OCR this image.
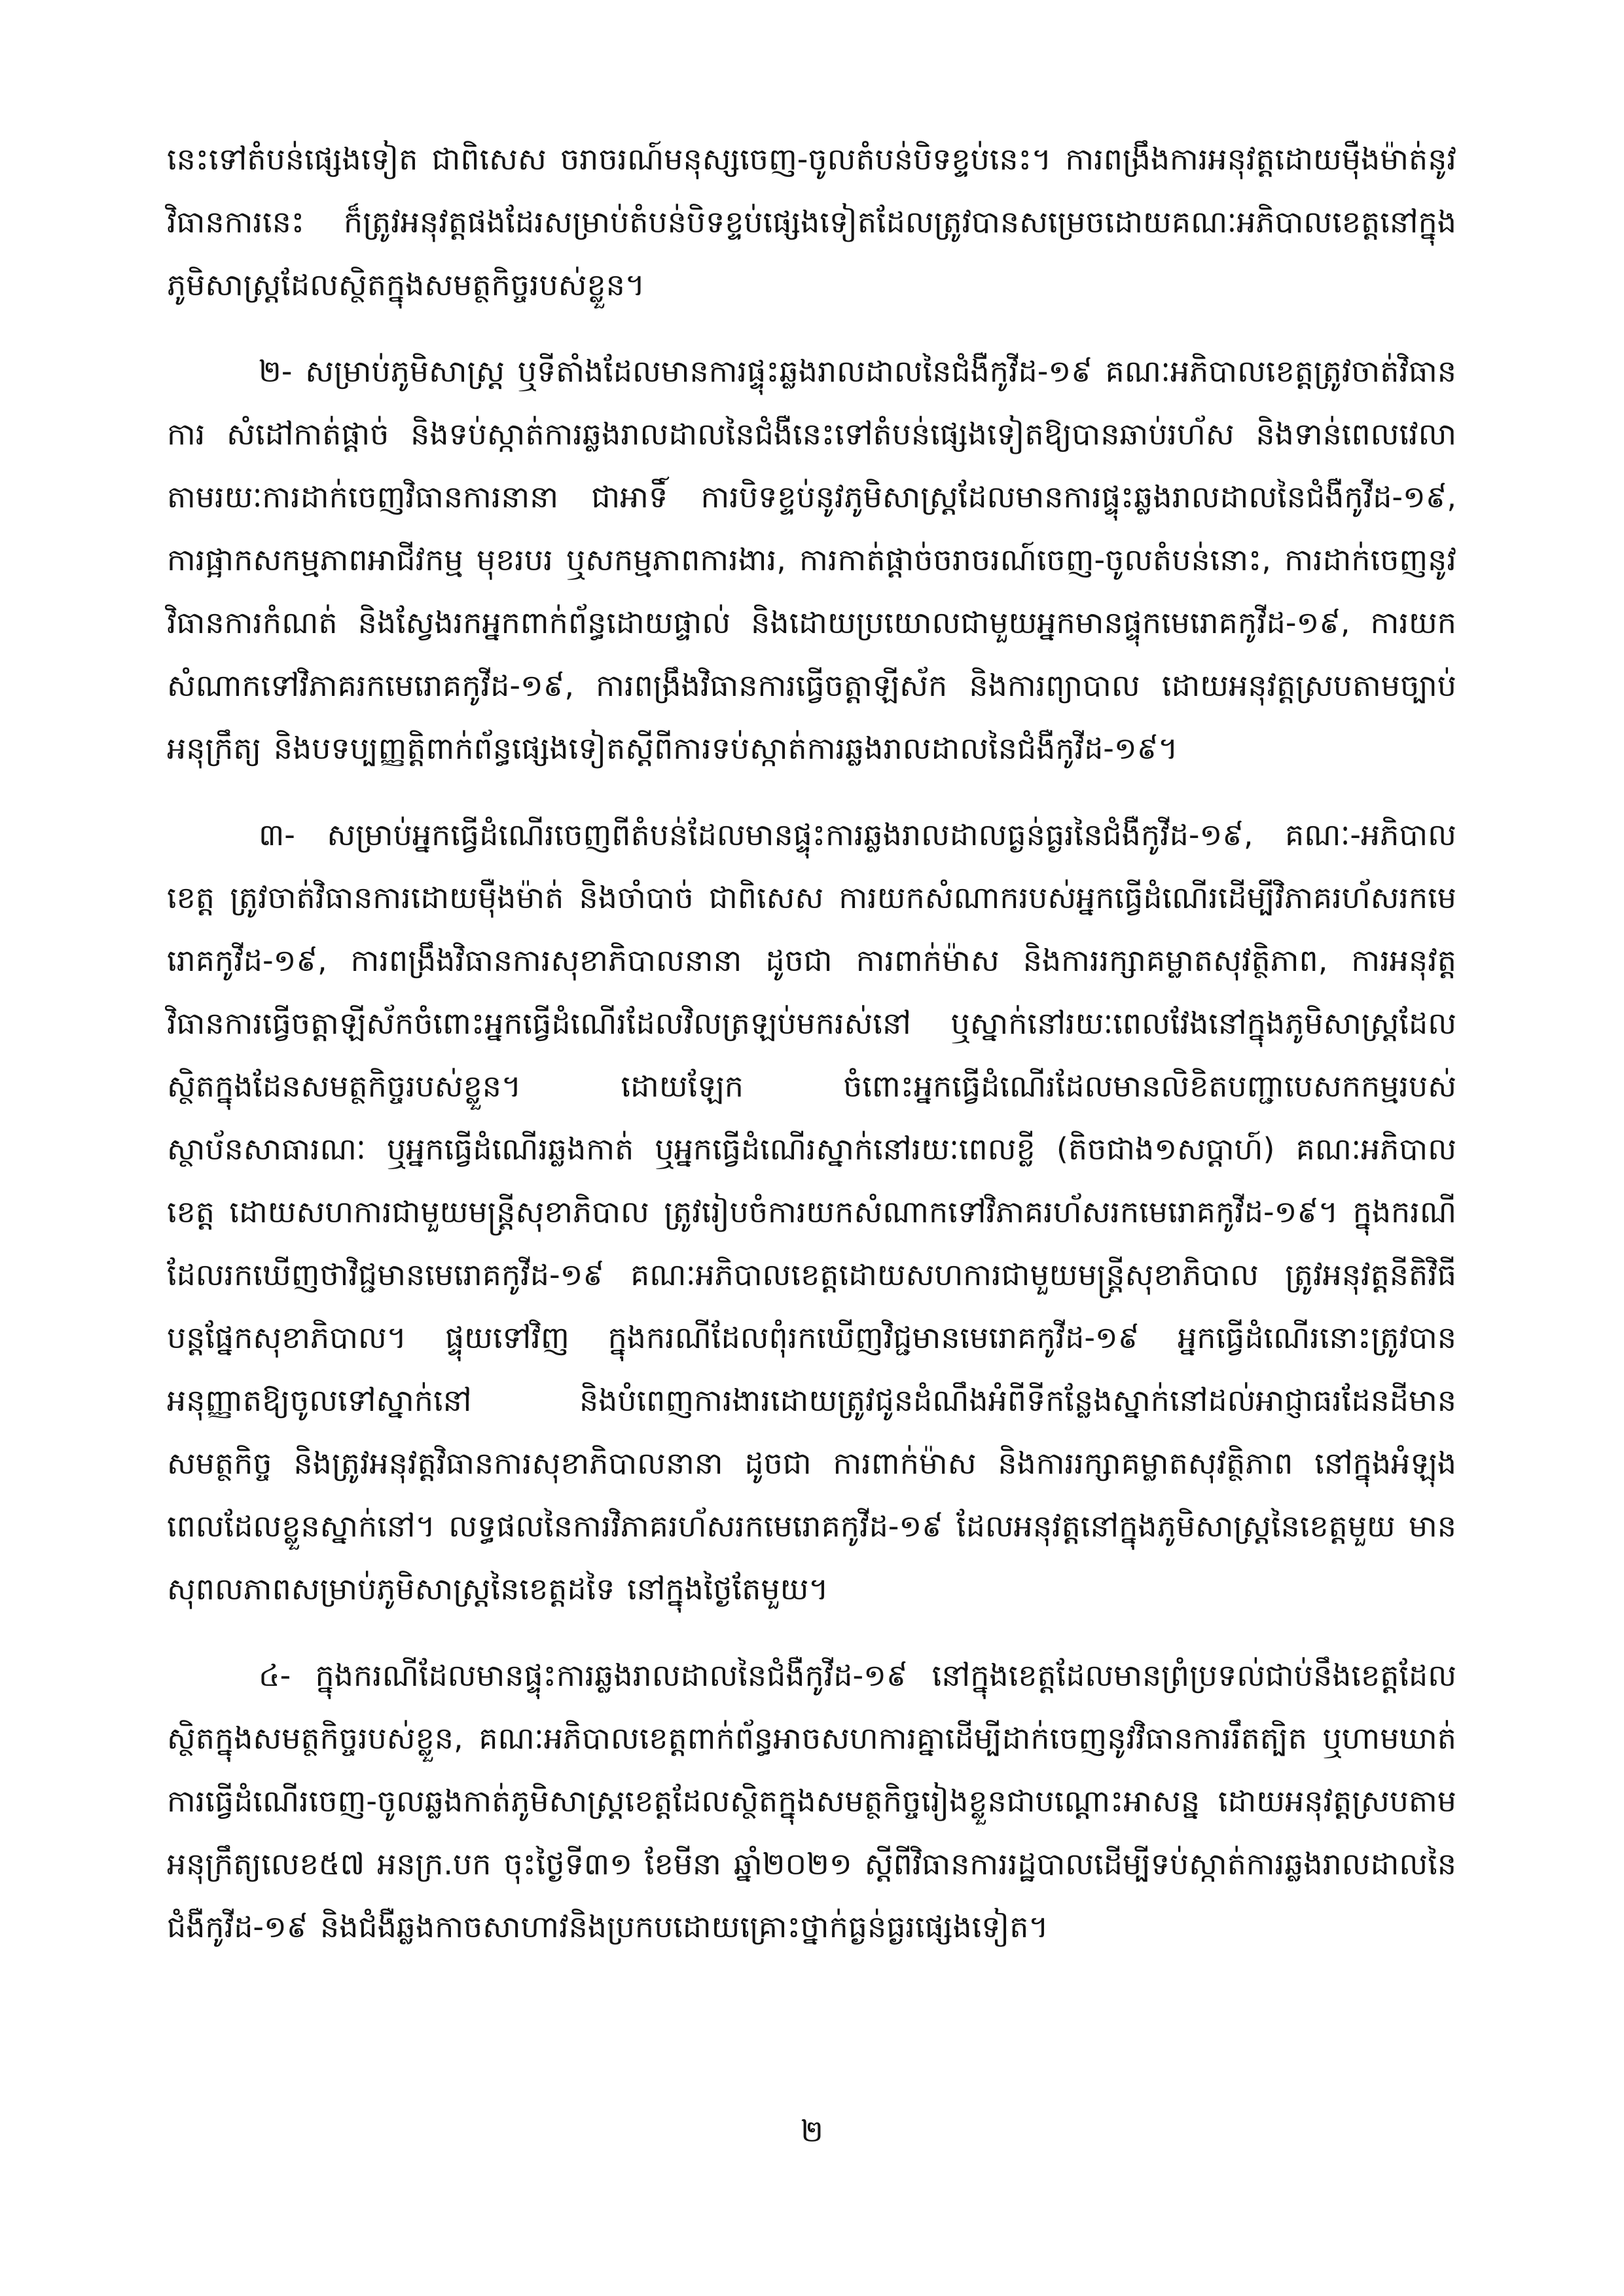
នេះទៅតំបន់ផ្សេងទៀត ជាពិសេស ចរាចរណ៍មនុស្សចេញ-ចូលតំបន់បិទខ្ទប់នេះ។ ការពង្រឹងការអនុវត្តដោយម៉ឺងម៉ាត់នូវវិធានការនេះ ក៏ត្រូវអនុវត្តផងដែរសម្រាប់តំបន់បិទខ្ទប់ផ្សេងទៀតដែលត្រូវបានសម្រេចដោយគណៈអភិបាលខេត្តនៅក្នុងភូមិសាស្ត្រដែលស្ថិតក្នុងសមត្ថកិច្ចរបស់ខ្លួន។

២- សម្រាប់ភូមិសាស្ត្រ ឬទីតាំងដែលមានការផ្ទុះឆ្លងរាលដាលនៃជំងឺកូវីដ-១៩ គណៈអភិបាលខេត្តត្រូវចាត់វិធានការ សំដៅកាត់ផ្តាច់ និងទប់ស្កាត់ការឆ្លងរាលដាលនៃជំងឺនេះទៅតំបន់ផ្សេងទៀតឱ្យបានឆាប់រហ័ស និងទាន់ពេលវេលា តាមរយៈការដាក់ចេញវិធានការនានា ជាអាទិ៍ ការបិទខ្ទប់នូវភូមិសាស្ត្រដែលមានការផ្ទុះឆ្លងរាលដាលនៃជំងឺកូវីដ-១៩, ការផ្អាកសកម្មភាពអាជីវកម្ម មុខរបរ ឬសកម្មភាពការងារ, ការកាត់ផ្តាច់ចរាចរណ៍ចេញ-ចូលតំបន់នោះ, ការដាក់ចេញនូវវិធានការកំណត់ និងស្វែងរកអ្នកពាក់ព័ន្ធដោយផ្ទាល់ និងដោយប្រយោលជាមួយអ្នកមានផ្ទុកមេរោគកូវីដ-១៩, ការយកសំណាកទៅវិភាគរកមេរោគកូវីដ-១៩, ការពង្រឹងវិធានការធ្វើចត្តាឡីស័ក និងការព្យាបាល ដោយអនុវត្តស្របតាមច្បាប់ អនុក្រឹត្យ និងបទប្បញ្ញត្តិពាក់ព័ន្ធផ្សេងទៀតស្តីពីការទប់ស្កាត់ការឆ្លងរាលដាលនៃជំងឺកូវីដ-១៩។

៣- សម្រាប់អ្នកធ្វើដំណើរចេញពីតំបន់ដែលមានផ្ទុះការឆ្លងរាលដាលធ្ងន់ធ្ងរនៃជំងឺកូវីដ-១៩, គណៈ-អភិបាលខេត្ត ត្រូវចាត់វិធានការដោយម៉ឺងម៉ាត់ និងចាំបាច់ ជាពិសេស ការយកសំណាករបស់អ្នកធ្វើដំណើរដើម្បីវិភាគរហ័សរកមេរោគកូវីដ-១៩, ការពង្រឹងវិធានការសុខាភិបាលនានា ដូចជា ការពាក់ម៉ាស និងការរក្សាគម្លាតសុវត្ថិភាព, ការអនុវត្តវិធានការធ្វើចត្តាឡីស័កចំពោះអ្នកធ្វើដំណើរដែលវិលត្រឡប់មករស់នៅ ឬស្នាក់នៅរយៈពេលវែងនៅក្នុងភូមិសាស្ត្រដែលស្ថិតក្នុងដែនសមត្ថកិច្ចរបស់ខ្លួន។ ដោយឡែក ចំពោះអ្នកធ្វើដំណើរដែលមានលិខិតបញ្ជាបេសកកម្មរបស់ស្ថាប័នសាធារណៈ ឬអ្នកធ្វើដំណើរឆ្លងកាត់ ឬអ្នកធ្វើដំណើរស្នាក់នៅរយៈពេលខ្លី (តិចជាង១សប្តាហ៍) គណៈអភិបាលខេត្ត ដោយសហការជាមួយមន្ត្រីសុខាភិបាល ត្រូវរៀបចំការយកសំណាកទៅវិភាគរហ័សរកមេរោគកូវីដ-១៩។ ក្នុងករណីដែលរកឃើញថាវិជ្ជមានមេរោគកូវីដ-១៩ គណៈអភិបាលខេត្តដោយសហការជាមួយមន្ត្រីសុខាភិបាល ត្រូវអនុវត្តនីតិវិធីបន្តផ្នែកសុខាភិបាល។ ផ្ទុយទៅវិញ ក្នុងករណីដែលពុំរកឃើញវិជ្ជមានមេរោគកូវីដ-១៩ អ្នកធ្វើដំណើរនោះត្រូវបានអនុញ្ញាតឱ្យចូលទៅស្នាក់នៅ និងបំពេញការងារដោយត្រូវជូនដំណឹងអំពីទីកន្លែងស្នាក់នៅដល់អាជ្ញាធរដែនដីមានសមត្ថកិច្ច និងត្រូវអនុវត្តវិធានការសុខាភិបាលនានា ដូចជា ការពាក់ម៉ាស និងការរក្សាគម្លាតសុវត្ថិភាព នៅក្នុងអំឡុងពេលដែលខ្លួនស្នាក់នៅ។ លទ្ធផលនៃការវិភាគរហ័សរកមេរោគកូវីដ-១៩ ដែលអនុវត្តនៅក្នុងភូមិសាស្ត្រនៃខេត្តមួយ មានសុពលភាពសម្រាប់ភូមិសាស្ត្រនៃខេត្តដទៃ នៅក្នុងថ្ងៃតែមួយ។

៤- ក្នុងករណីដែលមានផ្ទុះការឆ្លងរាលដាលនៃជំងឺកូវីដ-១៩ នៅក្នុងខេត្តដែលមានព្រំប្រទល់ជាប់នឹងខេត្តដែលស្ថិតក្នុងសមត្ថកិច្ចរបស់ខ្លួន, គណៈអភិបាលខេត្តពាក់ព័ន្ធអាចសហការគ្នាដើម្បីដាក់ចេញនូវវិធានការរឹតត្បិត ឬហាមឃាត់ការធ្វើដំណើរចេញ-ចូលឆ្លងកាត់ភូមិសាស្ត្រខេត្តដែលស្ថិតក្នុងសមត្ថកិច្ចរៀងខ្លួនជាបណ្តោះអាសន្ន ដោយអនុវត្តស្របតាមអនុក្រឹត្យលេខ៥៧ អនក្រ.បក ចុះថ្ងៃទី៣១ ខែមីនា ឆ្នាំ២០២១ ស្តីពីវិធានការរដ្ឋបាលដើម្បីទប់ស្កាត់ការឆ្លងរាលដាលនៃជំងឺកូវីដ-១៩ និងជំងឺឆ្លងកាចសាហាវនិងប្រកបដោយគ្រោះថ្នាក់ធ្ងន់ធ្ងរផ្សេងទៀត។

២
